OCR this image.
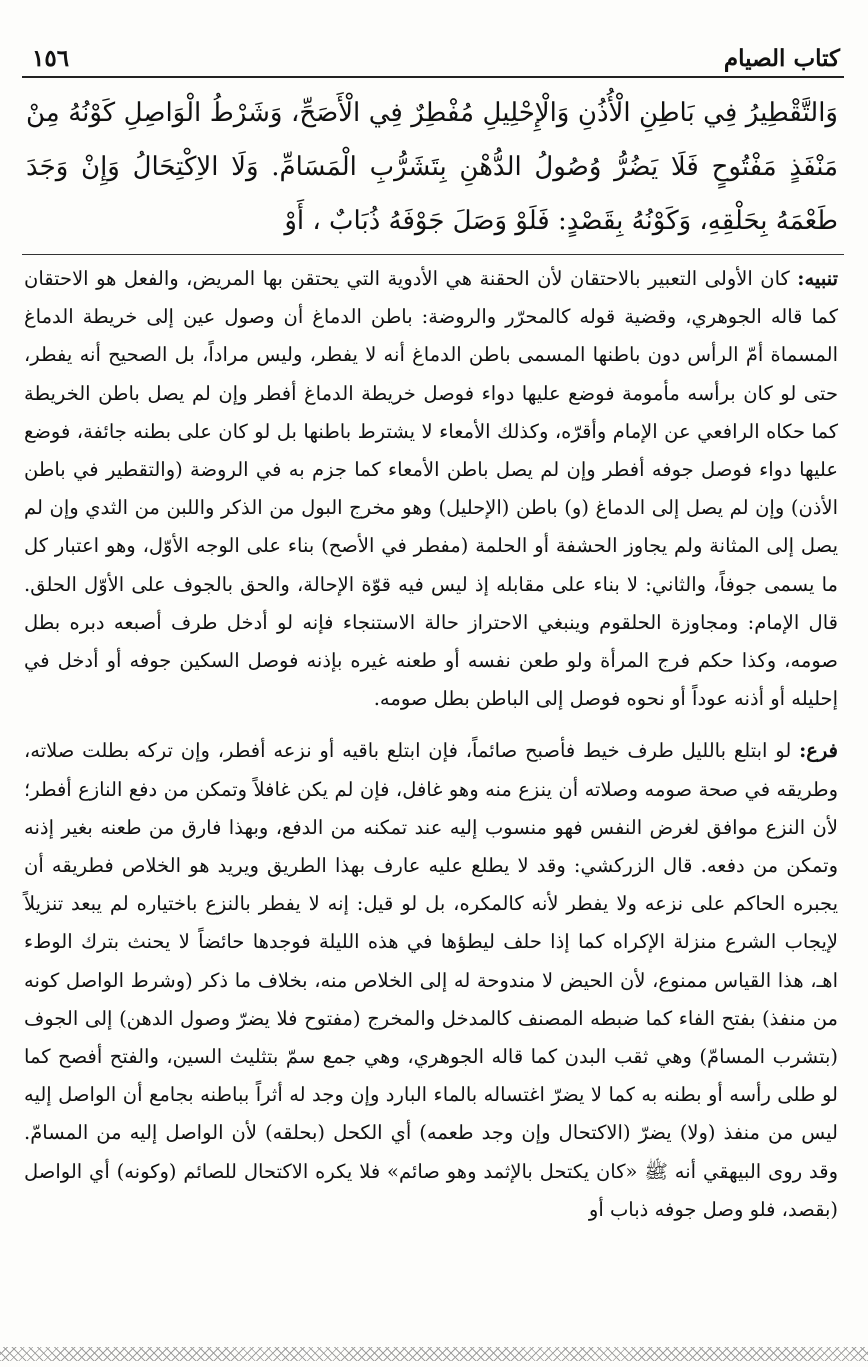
كتاب الصيام
١٥٦
وَالتَّقْطِيرُ فِي بَاطِنِ الْأُذُنِ وَالْإِحْلِيلِ مُفْطِرٌ فِي الْأَصَحِّ، وَشَرْطُ الْوَاصِلِ كَوْنُهُ مِنْ مَنْفَذٍ مَفْتُوحٍ فَلَا يَضُرُّ وُصُولُ الدُّهْنِ بِتَشَرُّبِ الْمَسَامِّ. وَلَا الاِكْتِحَالُ وَإِنْ وَجَدَ طَعْمَهُ بِحَلْقِهِ، وَكَوْنُهُ بِقَصْدٍ: فَلَوْ وَصَلَ جَوْفَهُ ذُبَابٌ ، أَوْ

تنبيه: كان الأولى التعبير بالاحتقان لأن الحقنة هي الأدوية التي يحتقن بها المريض، والفعل هو الاحتقان كما قاله الجوهري، وقضية قوله كالمحرّر والروضة: باطن الدماغ أن وصول عين إلى خريطة الدماغ المسماة أمّ الرأس دون باطنها المسمى باطن الدماغ أنه لا يفطر، وليس مراداً، بل الصحيح أنه يفطر، حتى لو كان برأسه مأمومة فوضع عليها دواء فوصل خريطة الدماغ أفطر وإن لم يصل باطن الخريطة كما حكاه الرافعي عن الإمام وأقرّه، وكذلك الأمعاء لا يشترط باطنها بل لو كان على بطنه جائفة، فوضع عليها دواء فوصل جوفه أفطر وإن لم يصل باطن الأمعاء كما جزم به في الروضة (والتقطير في باطن الأذن) وإن لم يصل إلى الدماغ (و) باطن (الإحليل) وهو مخرج البول من الذكر واللبن من الثدي وإن لم يصل إلى المثانة ولم يجاوز الحشفة أو الحلمة (مفطر في الأصح) بناء على الوجه الأوّل، وهو اعتبار كل ما يسمى جوفاً، والثاني: لا بناء على مقابله إذ ليس فيه قوّة الإحالة، والحق بالجوف على الأوّل الحلق. قال الإمام: ومجاوزة الحلقوم وينبغي الاحتراز حالة الاستنجاء فإنه لو أدخل طرف أصبعه دبره بطل صومه، وكذا حكم فرج المرأة ولو طعن نفسه أو طعنه غيره بإذنه فوصل السكين جوفه أو أدخل في إحليله أو أذنه عوداً أو نحوه فوصل إلى الباطن بطل صومه.

فرع: لو ابتلع بالليل طرف خيط فأصبح صائماً، فإن ابتلع باقيه أو نزعه أفطر، وإن تركه بطلت صلاته، وطريقه في صحة صومه وصلاته أن ينزع منه وهو غافل، فإن لم يكن غافلاً وتمكن من دفع النازع أفطر؛ لأن النزع موافق لغرض النفس فهو منسوب إليه عند تمكنه من الدفع، وبهذا فارق من طعنه بغير إذنه وتمكن من دفعه. قال الزركشي: وقد لا يطلع عليه عارف بهذا الطريق ويريد هو الخلاص فطريقه أن يجبره الحاكم على نزعه ولا يفطر لأنه كالمكره، بل لو قيل: إنه لا يفطر بالنزع باختياره لم يبعد تنزيلاً لإيجاب الشرع منزلة الإكراه كما إذا حلف ليطؤها في هذه الليلة فوجدها حائضاً لا يحنث بترك الوطء اهـ، هذا القياس ممنوع، لأن الحيض لا مندوحة له إلى الخلاص منه، بخلاف ما ذكر (وشرط الواصل كونه من منفذ) بفتح الفاء كما ضبطه المصنف كالمدخل والمخرج (مفتوح فلا يضرّ وصول الدهن) إلى الجوف (بتشرب المسامّ) وهي ثقب البدن كما قاله الجوهري، وهي جمع سمّ بتثليث السين، والفتح أفصح كما لو طلى رأسه أو بطنه به كما لا يضرّ اغتساله بالماء البارد وإن وجد له أثراً بباطنه بجامع أن الواصل إليه ليس من منفذ (ولا) يضرّ (الاكتحال وإن وجد طعمه) أي الكحل (بحلقه) لأن الواصل إليه من المسامّ. وقد روى البيهقي أنه ﷺ «كان يكتحل بالإثمد وهو صائم» فلا يكره الاكتحال للصائم (وكونه) أي الواصل (بقصد، فلو وصل جوفه ذباب أو
